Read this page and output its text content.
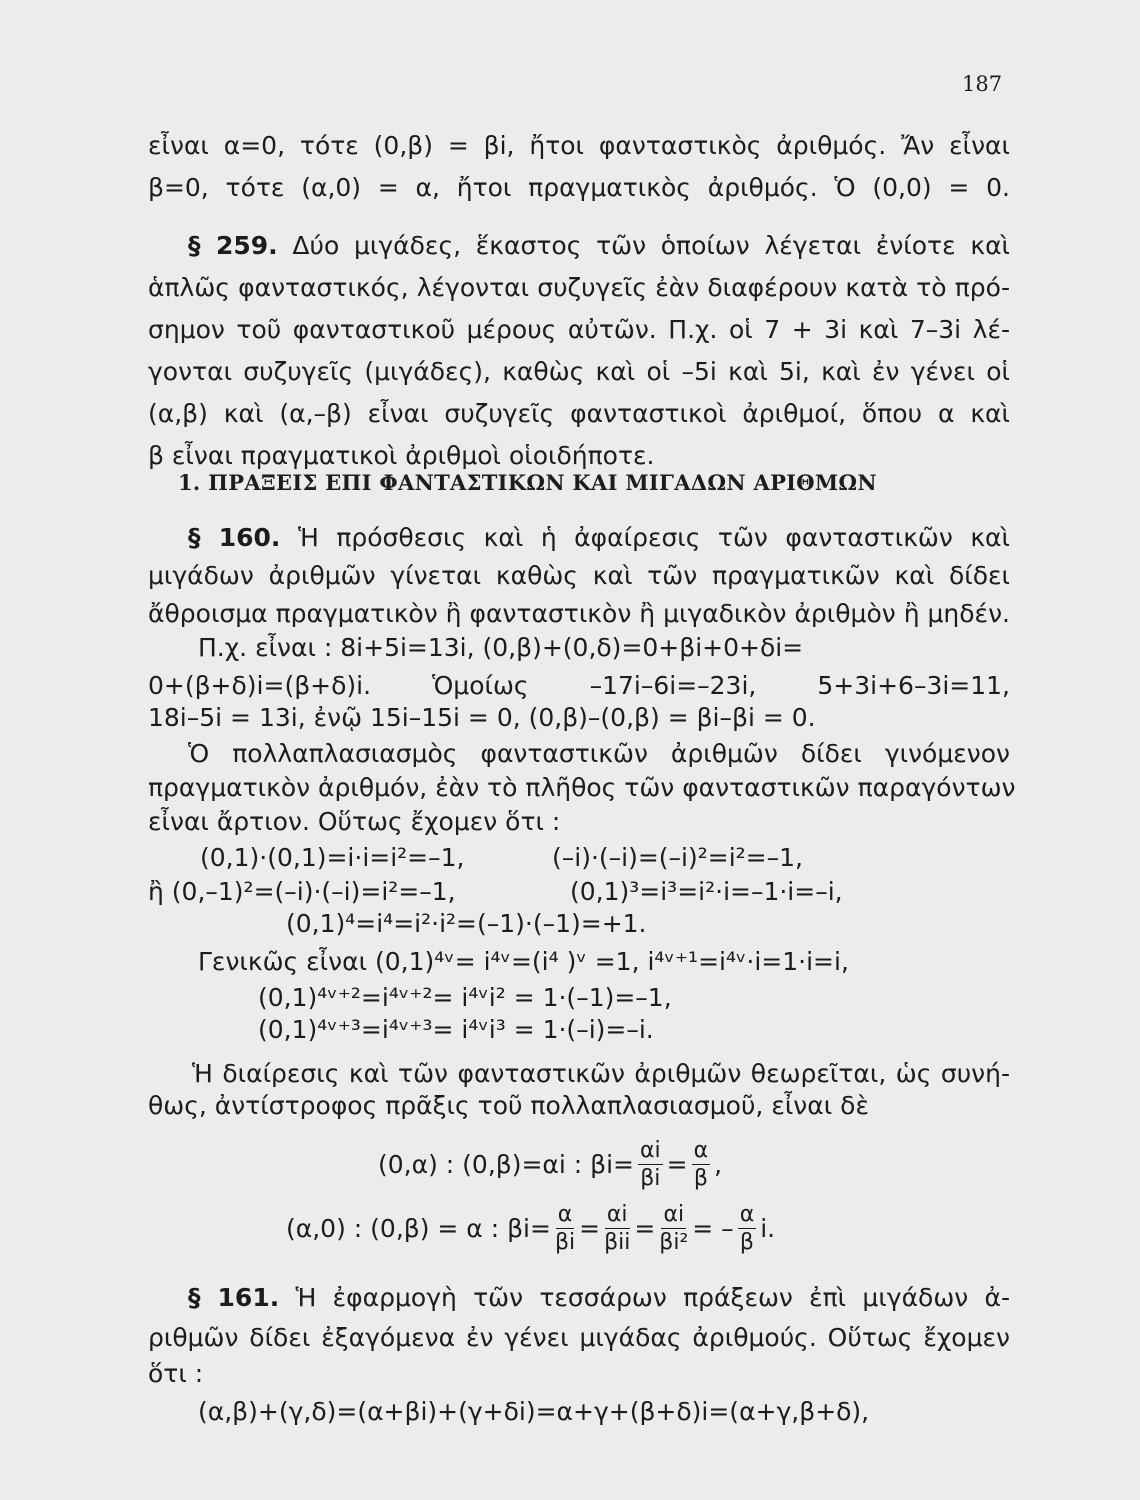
187
εἶναι α=0, τότε (0,β) = βi, ἤτοι φανταστικὸς ἀριθμός. Ἄν εἶναι
β=0, τότε (α,0) = α, ἤτοι πραγματικὸς ἀριθμός. Ὁ (0,0) = 0.
§ 259. Δύο μιγάδες, ἕκαστος τῶν ὁποίων λέγεται ἐνίοτε καὶ
ἁπλῶς φανταστικός, λέγονται συζυγεῖς ἐὰν διαφέρουν κατὰ τὸ πρό-
σημον τοῦ φανταστικοῦ μέρους αὐτῶν. Π.χ. οἱ 7 + 3i καὶ 7–3i λέ-
γονται συζυγεῖς (μιγάδες), καθὼς καὶ οἱ –5i καὶ 5i, καὶ ἐν γένει οἱ
(α,β) καὶ (α,–β) εἶναι συζυγεῖς φανταστικοὶ ἀριθμοί, ὅπου α καὶ
β εἶναι πραγματικοὶ ἀριθμοὶ οἱοιδήποτε.
1. ΠΡΑΞΕΙΣ ΕΠΙ ΦΑΝΤΑΣΤΙΚΩΝ ΚΑΙ ΜΙΓΑΔΩΝ ΑΡΙΘΜΩΝ
§ 160. Ἡ πρόσθεσις καὶ ἡ ἀφαίρεσις τῶν φανταστικῶν καὶ
μιγάδων ἀριθμῶν γίνεται καθὼς καὶ τῶν πραγματικῶν καὶ δίδει
ἄθροισμα πραγματικὸν ἢ φανταστικὸν ἢ μιγαδικὸν ἀριθμὸν ἢ μηδέν.
Π.χ. εἶναι : 8i+5i=13i, (0,β)+(0,δ)=0+βi+0+δi=
0+(β+δ)i=(β+δ)i. Ὁμοίως –17i–6i=–23i, 5+3i+6–3i=11,
18i–5i = 13i, ἐνῷ 15i–15i = 0, (0,β)–(0,β) = βi–βi = 0.
Ὁ πολλαπλασιασμὸς φανταστικῶν ἀριθμῶν δίδει γινόμενον
πραγματικὸν ἀριθμόν, ἐὰν τὸ πλῆθος τῶν φανταστικῶν παραγόντων
εἶναι ἄρτιον. Οὕτως ἔχομεν ὅτι :
(0,1)·(0,1)=i·i=i²=–1,	(–i)·(–i)=(–i)²=i²=–1,
ἢ (0,–1)²=(–i)·(–i)=i²=–1,	(0,1)³=i³=i²·i=–1·i=–i,
(0,1)⁴=i⁴=i²·i²=(–1)·(–1)=+1.
Γενικῶς εἶναι (0,1)⁴ᵛ= i⁴ᵛ=(i⁴ )ᵛ =1, i⁴ᵛ⁺¹=i⁴ᵛ·i=1·i=i,
(0,1)⁴ᵛ⁺²=i⁴ᵛ⁺²= i⁴ᵛi² = 1·(–1)=–1,
(0,1)⁴ᵛ⁺³=i⁴ᵛ⁺³= i⁴ᵛi³ = 1·(–i)=–i.
Ἡ διαίρεσις καὶ τῶν φανταστικῶν ἀριθμῶν θεωρεῖται, ὡς συνή-
θως, ἀντίστροφος πρᾶξις τοῦ πολλαπλασιασμοῦ, εἶναι δὲ
(0,α) : (0,β)=αi : $\beta i= \frac{\alpha i}{\beta i} = \frac{\alpha}{\beta}$ ,
(α,0) : (0,β) = α : $\beta i= \frac{\alpha}{\beta i} = \frac{\alpha i}{\text{βii}} = \frac{\alpha i}{\text{βi²}}$ = – $\frac{\alpha}{\beta} i$.
§ 161. Ἡ ἐφαρμογὴ τῶν τεσσάρων πράξεων ἐπὶ μιγάδων ἀ-
ριθμῶν δίδει ἐξαγόμενα ἐν γένει μιγάδας ἀριθμούς. Οὕτως ἔχομεν
ὅτι :
(α,β)+(γ,δ)=(α+βi)+(γ+δi)=α+γ+(β+δ)i=(α+γ,β+δ),
